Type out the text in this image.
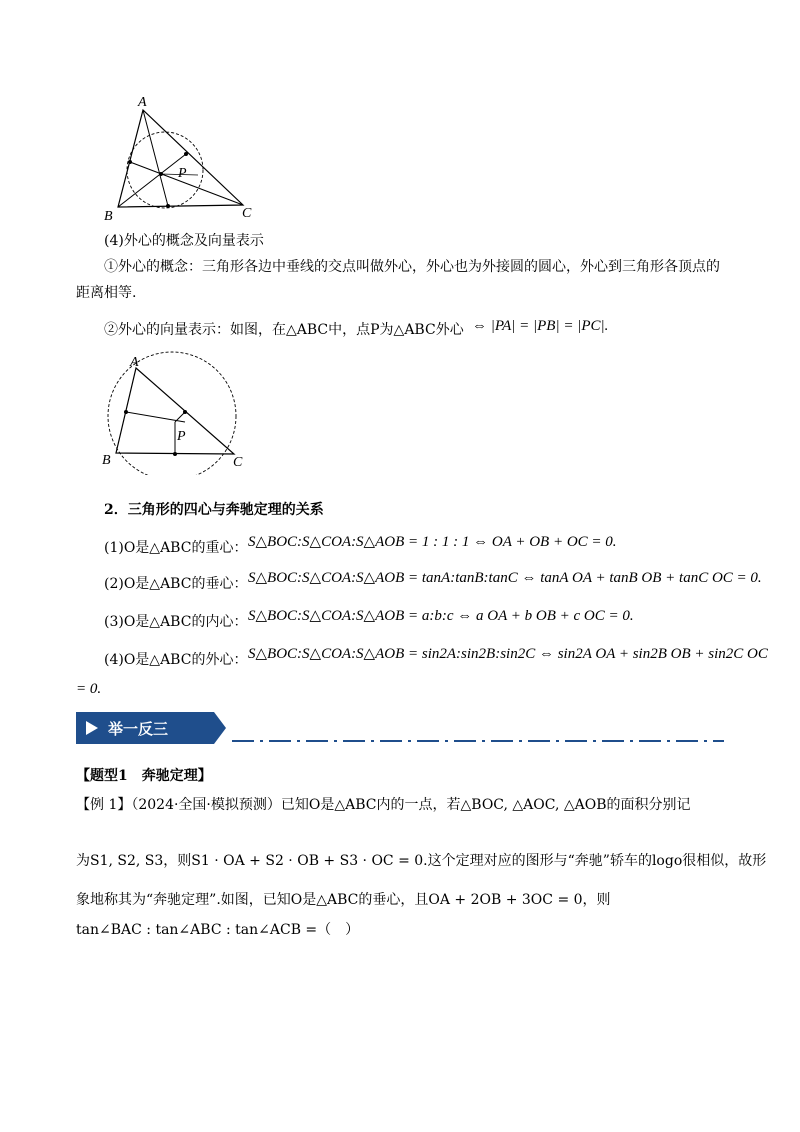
A
B	C
P
(4)外心的概念及向量表示
①外心的概念：三角形各边中垂线的交点叫做外心，外心也为外接圆的圆心，外心到三角形各顶点的
距离相等.
②外心的向量表示：如图，在△ABC中，点P为△ABC外心 ⇔ |PA| = |PB| = |PC|.
A
B	C
P
2．三角形的四心与奔驰定理的关系
(1)O是△ABC的重心： S△BOC:S△COA:S△AOB = 1 : 1 : 1 ⇔ OA + OB + OC = 0.
(2)O是△ABC的垂心： S△BOC:S△COA:S△AOB = tanA:tanB:tanC ⇔ tanA OA + tanB OB + tanC OC = 0.
(3)O是△ABC的内心： S△BOC:S△COA:S△AOB = a:b:c ⇔ a OA + b OB + c OC = 0.
(4)O是△ABC的外心： S△BOC:S△COA:S△AOB = sin2A:sin2B:sin2C ⇔ sin2A OA + sin2B OB + sin2C OC
= 0.
举一反三
【题型1　奔驰定理】
【例 1】（2024·全国·模拟预测）已知O是△ABC内的一点，若△BOC, △AOC, △AOB的面积分别记
为S1, S2, S3，则S1 · OA + S2 · OB + S3 · OC = 0.这个定理对应的图形与“奔驰”轿车的logo很相似，故形
象地称其为“奔驰定理”.如图，已知O是△ABC的垂心，且OA + 2OB + 3OC = 0，则
tan∠BAC : tan∠ABC : tan∠ACB =（　）
